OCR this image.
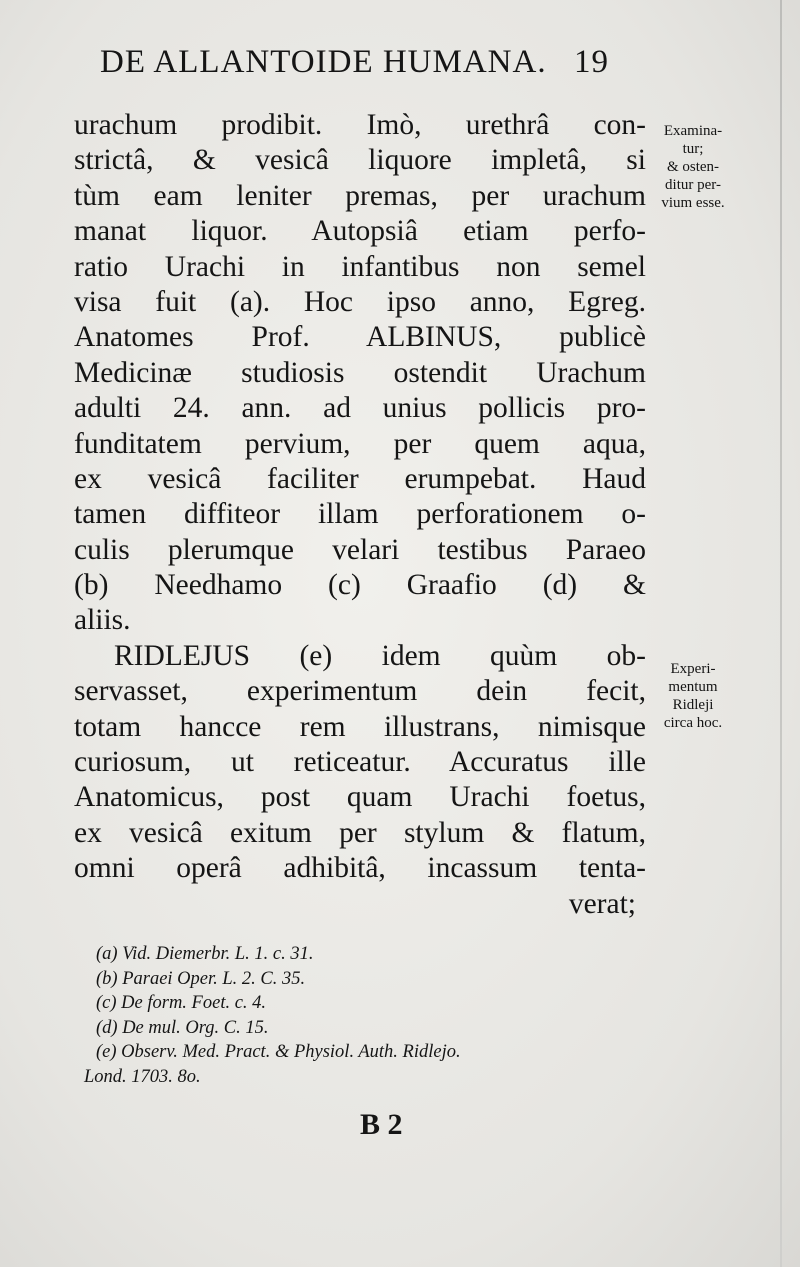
DE ALLANTOIDE HUMANA. 19
urachum prodibit. Imò, urethrâ con-
strictâ, & vesicâ liquore impletâ, si
tùm eam leniter premas, per urachum
manat liquor. Autopsiâ etiam perfo-
ratio Urachi in infantibus non semel
visa fuit (a). Hoc ipso anno, Egreg.
Anatomes Prof. ALBINUS, publicè
Medicinæ studiosis ostendit Urachum
adulti 24. ann. ad unius pollicis pro-
funditatem pervium, per quem aqua,
ex vesicâ faciliter erumpebat. Haud
tamen diffiteor illam perforationem o-
culis plerumque velari testibus Paraeo
(b) Needhamo (c) Graafio (d) &
aliis.
RIDLEJUS (e) idem quùm ob-
servasset, experimentum dein fecit,
totam hancce rem illustrans, nimisque
curiosum, ut reticeatur. Accuratus ille
Anatomicus, post quam Urachi foetus,
ex vesicâ exitum per stylum & flatum,
omni operâ adhibitâ, incassum tenta-
verat;
Examina-
tur;
& osten-
ditur per-
vium esse.
Experi-
mentum
Ridleji
circa hoc.
(a) Vid. Diemerbr. L. 1. c. 31.
(b) Paraei Oper. L. 2. C. 35.
(c) De form. Foet. c. 4.
(d) De mul. Org. C. 15.
(e) Observ. Med. Pract. & Physiol. Auth. Ridlejo.
Lond. 1703. 8o.
B 2
